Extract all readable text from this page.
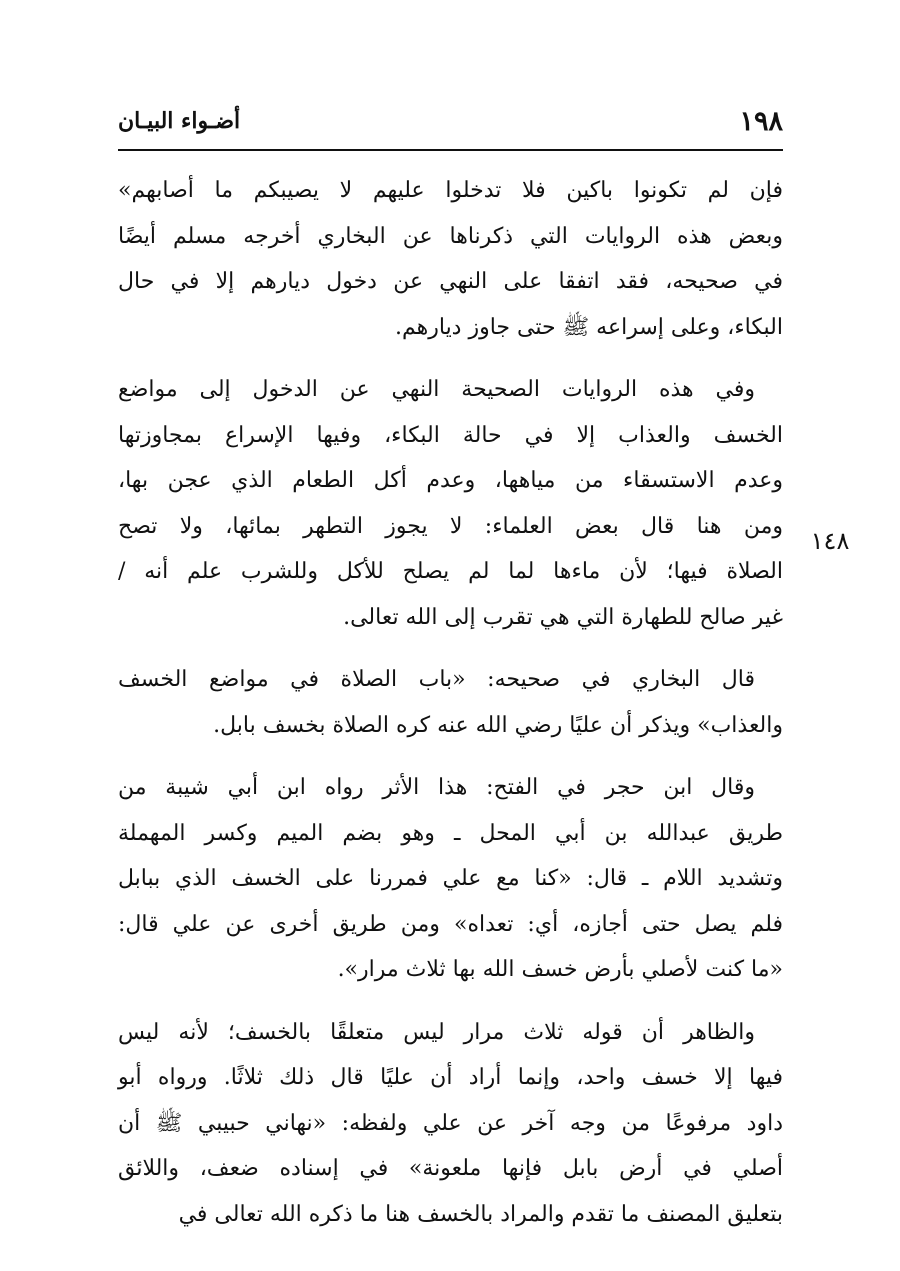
١٩٨
أضـواء البيـان
١٤٨

فإن لم تكونوا باكين فلا تدخلوا عليهم لا يصيبكم ما أصابهم»
وبعض هذه الروايات التي ذكرناها عن البخاري أخرجه مسلم أيضًا
في صحيحه، فقد اتفقا على النهي عن دخول ديارهم إلا في حال
البكاء، وعلى إسراعه ﷺ حتى جاوز ديارهم.

وفي هذه الروايات الصحيحة النهي عن الدخول إلى مواضع
الخسف والعذاب إلا في حالة البكاء، وفيها الإسراع بمجاوزتها
وعدم الاستسقاء من مياهها، وعدم أكل الطعام الذي عجن بها،
ومن هنا قال بعض العلماء: لا يجوز التطهر بمائها، ولا تصح
الصلاة فيها؛ لأن ماءها لما لم يصلح للأكل وللشرب علم أنه /
غير صالح للطهارة التي هي تقرب إلى الله تعالى.

قال البخاري في صحيحه: «باب الصلاة في مواضع الخسف
والعذاب» ويذكر أن عليًا رضي الله عنه كره الصلاة بخسف بابل.

وقال ابن حجر في الفتح: هذا الأثر رواه ابن أبي شيبة من
طريق عبدالله بن أبي المحل ـ وهو بضم الميم وكسر المهملة
وتشديد اللام ـ قال: «كنا مع علي فمررنا على الخسف الذي ببابل
فلم يصل حتى أجازه، أي: تعداه» ومن طريق أخرى عن علي قال:
«ما كنت لأصلي بأرض خسف الله بها ثلاث مرار».

والظاهر أن قوله ثلاث مرار ليس متعلقًا بالخسف؛ لأنه ليس
فيها إلا خسف واحد، وإنما أراد أن عليًا قال ذلك ثلاثًا. ورواه أبو
داود مرفوعًا من وجه آخر عن علي ولفظه: «نهاني حبيبي ﷺ أن
أصلي في أرض بابل فإنها ملعونة» في إسناده ضعف، واللائق
بتعليق المصنف ما تقدم والمراد بالخسف هنا ما ذكره الله تعالى في
